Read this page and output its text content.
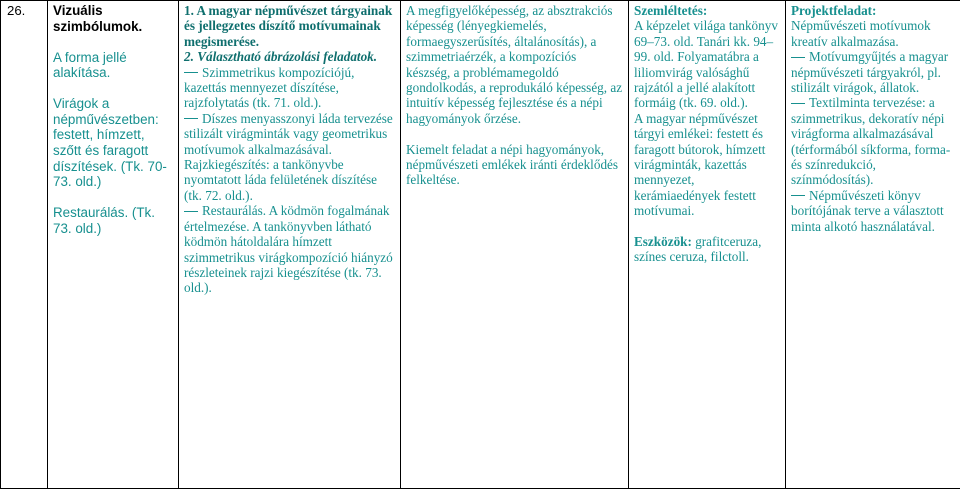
26.	Vizuális szimbólumok.
A forma jellé alakítása.
Virágok a népművészetben: festett, hímzett, szőtt és faragott díszítések. (Tk. 70-73. old.)
Restaurálás. (Tk. 73. old.)

1. A magyar népművészet tárgyainak és jellegzetes díszítő motívumainak megismerése.
2. Választható ábrázolási feladatok.
Szimmetrikus kompozíciójú, kazettás mennyezet díszítése, rajzfolytatás (tk. 71. old.).
Díszes menyasszonyi láda tervezése stilizált virágminták vagy geometrikus motívumok alkalmazásával. Rajzkiegészítés: a tankönyvbe nyomtatott láda felületének díszítése (tk. 72. old.).
Restaurálás. A ködmön fogalmának értelmezése. A tankönyvben látható ködmön hátoldalára hímzett szimmetrikus virágkompozíció hiányzó részleteinek rajzi kiegészítése (tk. 73. old.).

A megfigyelőképesség, az absztrakciós képesség (lényegkiemelés, formaegyszerűsítés, általánosítás), a szimmetriaérzék, a kompozíciós készség, a problémamegoldó gondolkodás, a reprodukáló képesség, az intuitív képesség fejlesztése és a népi hagyományok őrzése.
Kiemelt feladat a népi hagyományok, népművészeti emlékek iránti érdeklődés felkeltése.

Szemléltetés:
A képzelet világa tankönyv 69–73. old. Tanári kk. 94–99. old. Folyamatábra a liliomvirág valósághű rajzától a jellé alakított formáig (tk. 69. old.).
A magyar népművészet tárgyi emlékei: festett és faragott bútorok, hímzett virágminták, kazettás mennyezet, kerámiaedények festett motívumai.
Eszközök: grafitceruza, színes ceruza, filctoll.

Projektfeladat:
Népművészeti motívumok kreatív alkalmazása.
Motívumgyűjtés a magyar népművészeti tárgyakról, pl. stilizált virágok, állatok.
Textilminta tervezése: a szimmetrikus, dekoratív népi virágforma alkalmazásával (térformából síkforma, forma- és színredukció, színmódosítás).
Népművészeti könyv borítójának terve a választott minta alkotó használatával.
